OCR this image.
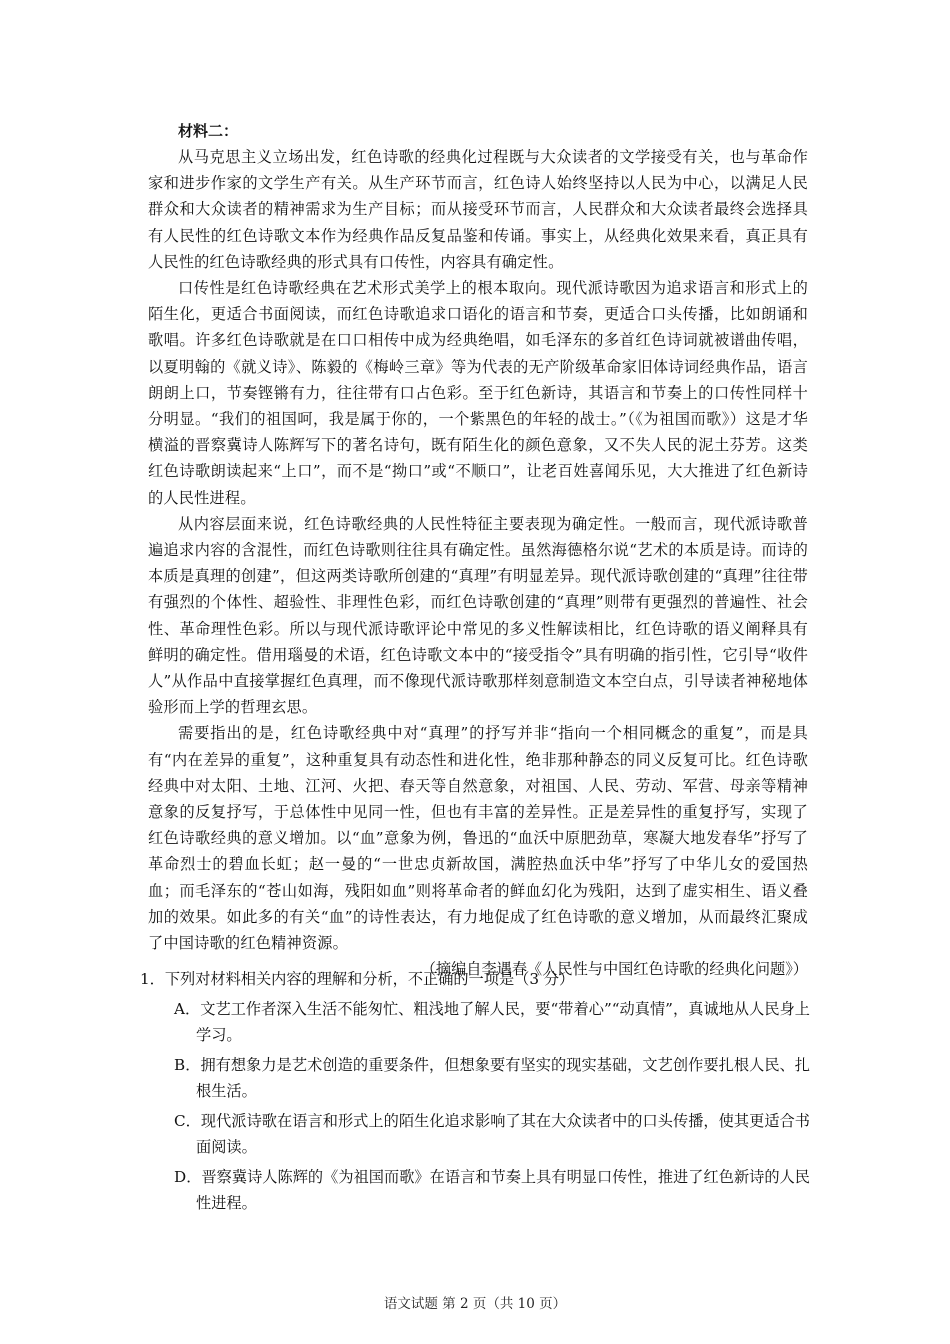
材料二：

从马克思主义立场出发，红色诗歌的经典化过程既与大众读者的文学接受有关，也与革命作家和进步作家的文学生产有关。从生产环节而言，红色诗人始终坚持以人民为中心，以满足人民群众和大众读者的精神需求为生产目标；而从接受环节而言，人民群众和大众读者最终会选择具有人民性的红色诗歌文本作为经典作品反复品鉴和传诵。事实上，从经典化效果来看，真正具有人民性的红色诗歌经典的形式具有口传性，内容具有确定性。

口传性是红色诗歌经典在艺术形式美学上的根本取向。现代派诗歌因为追求语言和形式上的陌生化，更适合书面阅读，而红色诗歌追求口语化的语言和节奏，更适合口头传播，比如朗诵和歌唱。许多红色诗歌就是在口口相传中成为经典绝唱，如毛泽东的多首红色诗词就被谱曲传唱，以夏明翰的《就义诗》、陈毅的《梅岭三章》等为代表的无产阶级革命家旧体诗词经典作品，语言朗朗上口，节奏铿锵有力，往往带有口占色彩。至于红色新诗，其语言和节奏上的口传性同样十分明显。“我们的祖国呵，我是属于你的，一个紫黑色的年轻的战士。”（《为祖国而歌》）这是才华横溢的晋察冀诗人陈辉写下的著名诗句，既有陌生化的颜色意象，又不失人民的泥土芬芳。这类红色诗歌朗读起来“上口”，而不是“拗口”或“不顺口”，让老百姓喜闻乐见，大大推进了红色新诗的人民性进程。

从内容层面来说，红色诗歌经典的人民性特征主要表现为确定性。一般而言，现代派诗歌普遍追求内容的含混性，而红色诗歌则往往具有确定性。虽然海德格尔说“艺术的本质是诗。而诗的本质是真理的创建”，但这两类诗歌所创建的“真理”有明显差异。现代派诗歌创建的“真理”往往带有强烈的个体性、超验性、非理性色彩，而红色诗歌创建的“真理”则带有更强烈的普遍性、社会性、革命理性色彩。所以与现代派诗歌评论中常见的多义性解读相比，红色诗歌的语义阐释具有鲜明的确定性。借用瑙曼的术语，红色诗歌文本中的“接受指令”具有明确的指引性，它引导“收件人”从作品中直接掌握红色真理，而不像现代派诗歌那样刻意制造文本空白点，引导读者神秘地体验形而上学的哲理玄思。

需要指出的是，红色诗歌经典中对“真理”的抒写并非“指向一个相同概念的重复”，而是具有“内在差异的重复”，这种重复具有动态性和进化性，绝非那种静态的同义反复可比。红色诗歌经典中对太阳、土地、江河、火把、春天等自然意象，对祖国、人民、劳动、军营、母亲等精神意象的反复抒写，于总体性中见同一性，但也有丰富的差异性。正是差异性的重复抒写，实现了红色诗歌经典的意义增加。以“血”意象为例，鲁迅的“血沃中原肥劲草，寒凝大地发春华”抒写了革命烈士的碧血长虹；赵一曼的“一世忠贞新故国，满腔热血沃中华”抒写了中华儿女的爱国热血；而毛泽东的“苍山如海，残阳如血”则将革命者的鲜血幻化为残阳，达到了虚实相生、语义叠加的效果。如此多的有关“血”的诗性表达，有力地促成了红色诗歌的意义增加，从而最终汇聚成了中国诗歌的红色精神资源。

（摘编自李遇春《人民性与中国红色诗歌的经典化问题》）

1．下列对材料相关内容的理解和分析，不正确的一项是（3 分）
A．文艺工作者深入生活不能匆忙、粗浅地了解人民，要“带着心”“动真情”，真诚地从人民身上学习。
B．拥有想象力是艺术创造的重要条件，但想象要有坚实的现实基础，文艺创作要扎根人民、扎根生活。
C．现代派诗歌在语言和形式上的陌生化追求影响了其在大众读者中的口头传播，使其更适合书面阅读。
D．晋察冀诗人陈辉的《为祖国而歌》在语言和节奏上具有明显口传性，推进了红色新诗的人民性进程。
语文试题 第 2 页（共 10 页）
